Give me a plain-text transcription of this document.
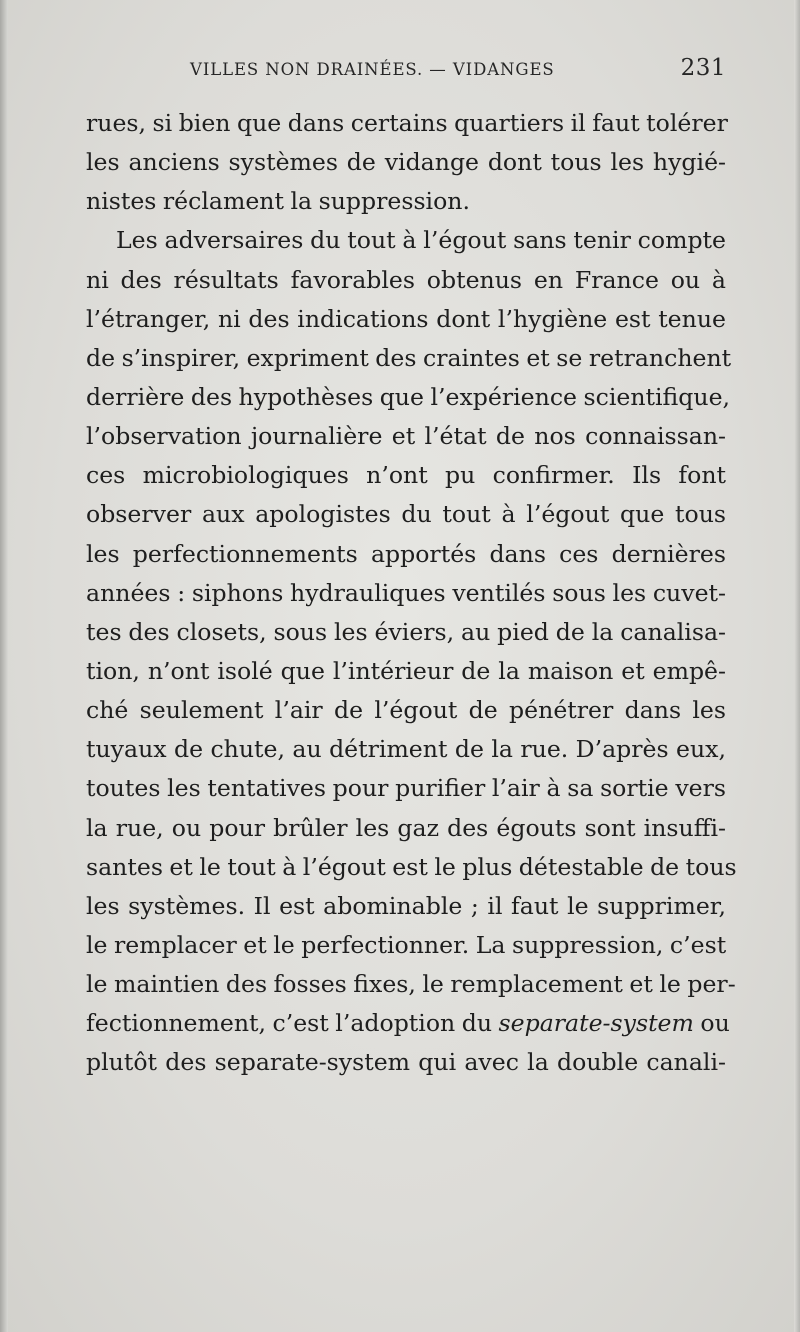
VILLES NON DRAINÉES. — VIDANGES	231
rues, si bien que dans certains quartiers il faut tolérer
les anciens systèmes de vidange dont tous les hygié-
nistes réclament la suppression.
Les adversaires du tout à l’égout sans tenir compte
ni des résultats favorables obtenus en France ou à
l’étranger, ni des indications dont l’hygiène est tenue
de s’inspirer, expriment des craintes et se retranchent
derrière des hypothèses que l’expérience scientifique,
l’observation journalière et l’état de nos connaissan-
ces microbiologiques n’ont pu confirmer. Ils font
observer aux apologistes du tout à l’égout que tous
les perfectionnements apportés dans ces dernières
années : siphons hydrauliques ventilés sous les cuvet-
tes des closets, sous les éviers, au pied de la canalisa-
tion, n’ont isolé que l’intérieur de la maison et empê-
ché seulement l’air de l’égout de pénétrer dans les
tuyaux de chute, au détriment de la rue. D’après eux,
toutes les tentatives pour purifier l’air à sa sortie vers
la rue, ou pour brûler les gaz des égouts sont insuffi-
santes et le tout à l’égout est le plus détestable de tous
les systèmes. Il est abominable ; il faut le supprimer,
le remplacer et le perfectionner. La suppression, c’est
le maintien des fosses fixes, le remplacement et le per-
fectionnement, c’est l’adoption du separate-system ou
plutôt des separate-system qui avec la double canali-
